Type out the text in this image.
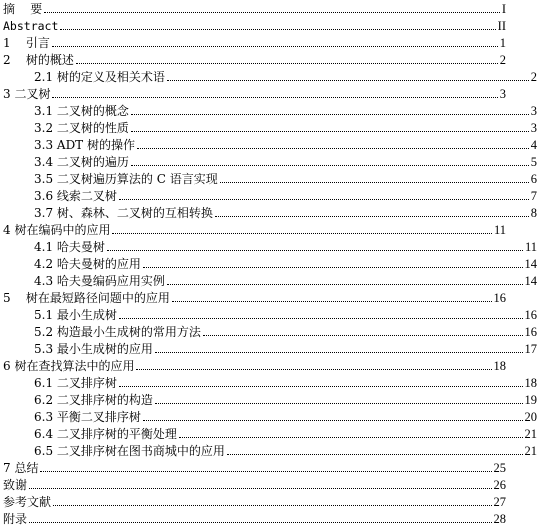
摘    要	I
Abstract	II
1    引言	1
2    树的概述	2
2.1 树的定义及相关术语	2
3 二叉树	3
3.1 二叉树的概念	3
3.2 二叉树的性质	3
3.3 ADT 树的操作	4
3.4 二叉树的遍历	5
3.5 二叉树遍历算法的 C 语言实现	6
3.6 线索二叉树	7
3.7 树、森林、二叉树的互相转换	8
4 树在编码中的应用	11
4.1 哈夫曼树	11
4.2 哈夫曼树的应用	14
4.3 哈夫曼编码应用实例	14
5    树在最短路径问题中的应用	16
5.1 最小生成树	16
5.2 构造最小生成树的常用方法	16
5.3 最小生成树的应用	17
6 树在查找算法中的应用	18
6.1 二叉排序树	18
6.2 二叉排序树的构造	19
6.3 平衡二叉排序树	20
6.4 二叉排序树的平衡处理	21
6.5 二叉排序树在图书商城中的应用	21
7 总结	25
致谢	26
参考文献	27
附录	28
